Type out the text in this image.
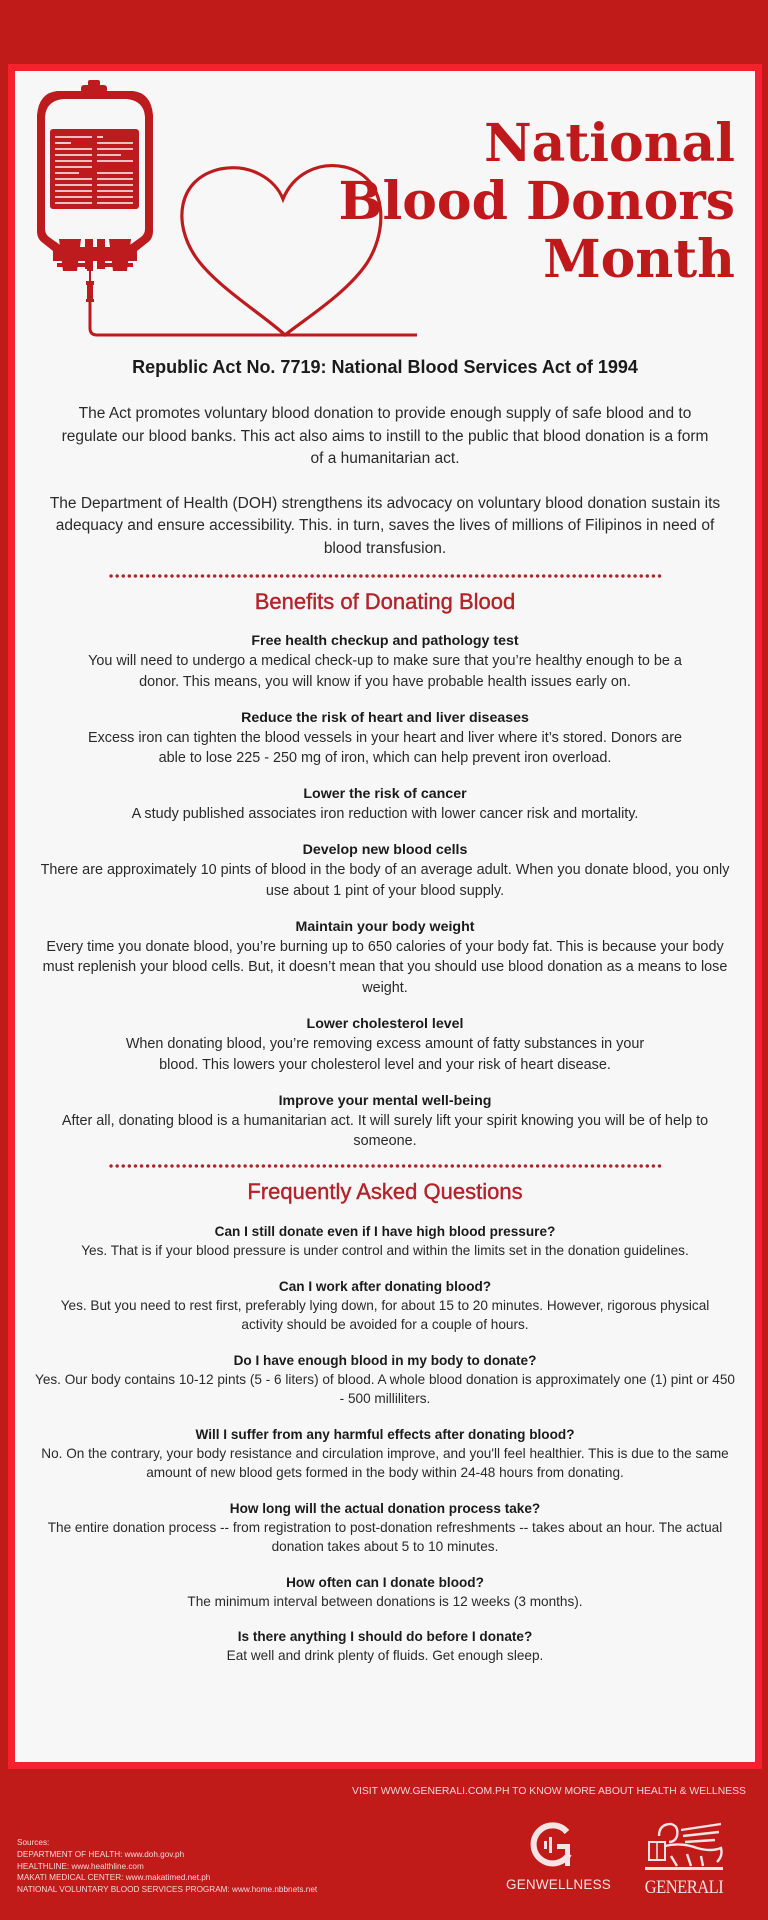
National
Blood Donors
Month
Republic Act No. 7719: National Blood Services Act of 1994

The Act promotes voluntary blood donation to provide enough supply of safe blood and to regulate our blood banks. This act also aims to instill to the public that blood donation is a form of a humanitarian act.

The Department of Health (DOH) strengthens its advocacy on voluntary blood donation sustain its adequacy and ensure accessibility. This. in turn, saves the lives of millions of Filipinos in need of blood transfusion.

Benefits of Donating Blood
Free health checkup and pathology test

You will need to undergo a medical check-up to make sure that you’re healthy enough to be a donor. This means, you will know if you have probable health issues early on.

Reduce the risk of heart and liver diseases

Excess iron can tighten the blood vessels in your heart and liver where it’s stored. Donors are able to lose 225 - 250 mg of iron, which can help prevent iron overload.

Lower the risk of cancer

A study published associates iron reduction with lower cancer risk and mortality.

Develop new blood cells

There are approximately 10 pints of blood in the body of an average adult. When you donate blood, you only use about 1 pint of your blood supply.

Maintain your body weight

Every time you donate blood, you’re burning up to 650 calories of your body fat. This is because your body must replenish your blood cells. But, it doesn’t mean that you should use blood donation as a means to lose weight.

Lower cholesterol level

When donating blood, you’re removing excess amount of fatty substances in your blood. This lowers your cholesterol level and your risk of heart disease.

Improve your mental well-being

After all, donating blood is a humanitarian act. It will surely lift your spirit knowing you will be of help to someone.

Frequently Asked Questions
Can I still donate even if I have high blood pressure?

Yes. That is if your blood pressure is under control and within the limits set in the donation guidelines.

Can I work after donating blood?

Yes. But you need to rest first, preferably lying down, for about 15 to 20 minutes. However, rigorous physical activity should be avoided for a couple of hours.

Do I have enough blood in my body to donate?

Yes. Our body contains 10-12 pints (5 - 6 liters) of blood. A whole blood donation is approximately one (1) pint or 450 - 500 milliliters.

Will I suffer from any harmful effects after donating blood?

No. On the contrary, your body resistance and circulation improve, and you'll feel healthier. This is due to the same amount of new blood gets formed in the body within 24-48 hours from donating.

How long will the actual donation process take?

The entire donation process -- from registration to post-donation refreshments -- takes about an hour. The actual donation takes about 5 to 10 minutes.

How often can I donate blood?

The minimum interval between donations is 12 weeks (3 months).

Is there anything I should do before I donate?

Eat well and drink plenty of fluids. Get enough sleep.

VISIT WWW.GENERALI.COM.PH TO KNOW MORE ABOUT HEALTH & WELLNESS
Sources:
DEPARTMENT OF HEALTH: www.doh.gov.ph
HEALTHLINE: www.healthline.com
MAKATI MEDICAL CENTER: www.makatimed.net.ph
NATIONAL VOLUNTARY BLOOD SERVICES PROGRAM: www.home.nbbnets.net	GENWELLNESS	GENERALI
